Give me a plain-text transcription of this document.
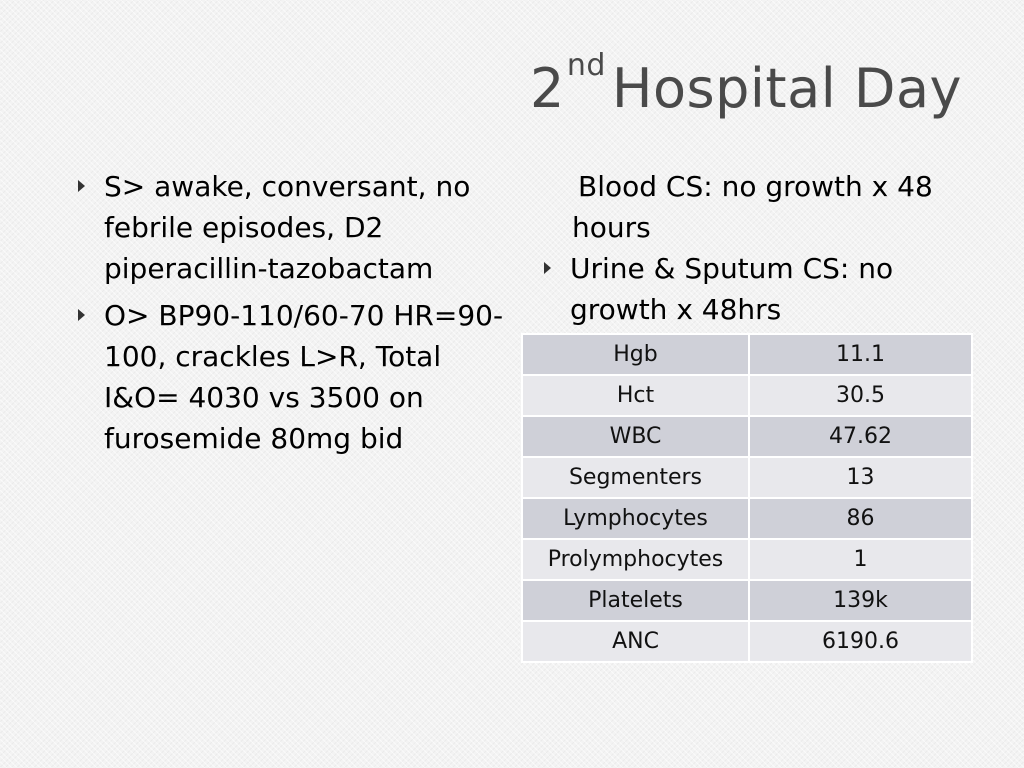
2nd Hospital Day
S> awake, conversant, no febrile episodes, D2 piperacillin-tazobactam
O> BP90-110/60-70 HR=90-100, crackles L>R, Total I&O= 4030 vs 3500 on furosemide 80mg bid
Blood CS: no growth x 48 hours
Urine & Sputum CS: no growth x 48hrs
Hgb	11.1
Hct	30.5
WBC	47.62
Segmenters	13
Lymphocytes	86
Prolymphocytes	1
Platelets	139k
ANC	6190.6
